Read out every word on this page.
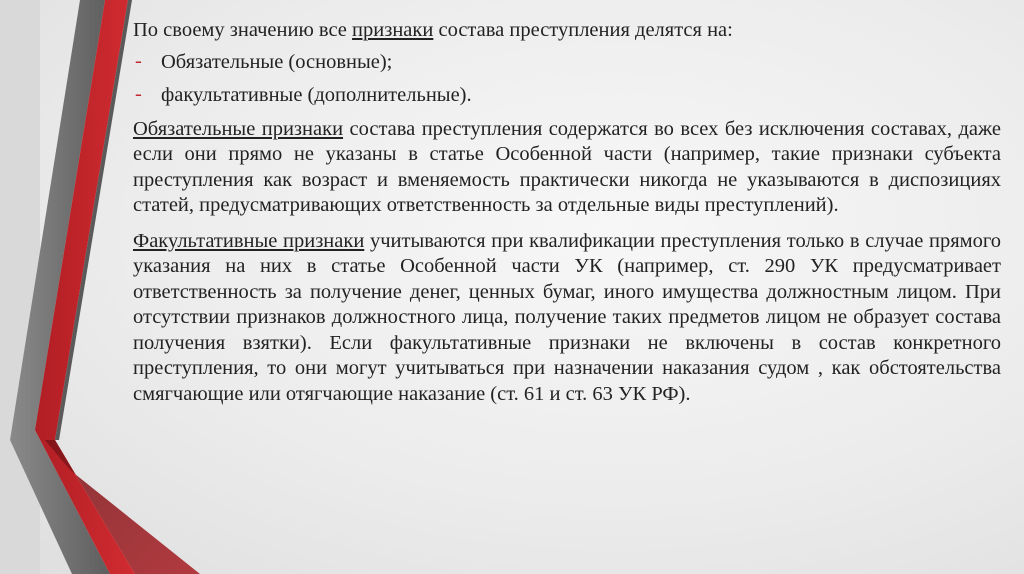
По своему значению все признаки состава преступления делятся на:

- Обязательные (основные);
- факультативные (дополнительные).

Обязательные признаки состава преступления содержатся во всех без исключения составах, даже если они прямо не указаны в статье Особенной части (например, такие признаки субъекта преступления как возраст и вменяемость практически никогда не указываются в диспозициях статей, предусматривающих ответственность за отдельные виды преступлений).

Факультативные признаки учитываются при квалификации преступления только в случае прямого указания на них в статье Особенной части УК (например, ст. 290 УК предусматривает ответственность за получение денег, ценных бумаг, иного имущества должностным лицом. При отсутствии признаков должностного лица, получение таких предметов лицом не образует состава получения взятки). Если факультативные признаки не включены в состав конкретного преступления, то они могут учитываться при назначении наказания судом , как обстоятельства смягчающие или отягчающие наказание (ст. 61 и ст. 63 УК РФ).
